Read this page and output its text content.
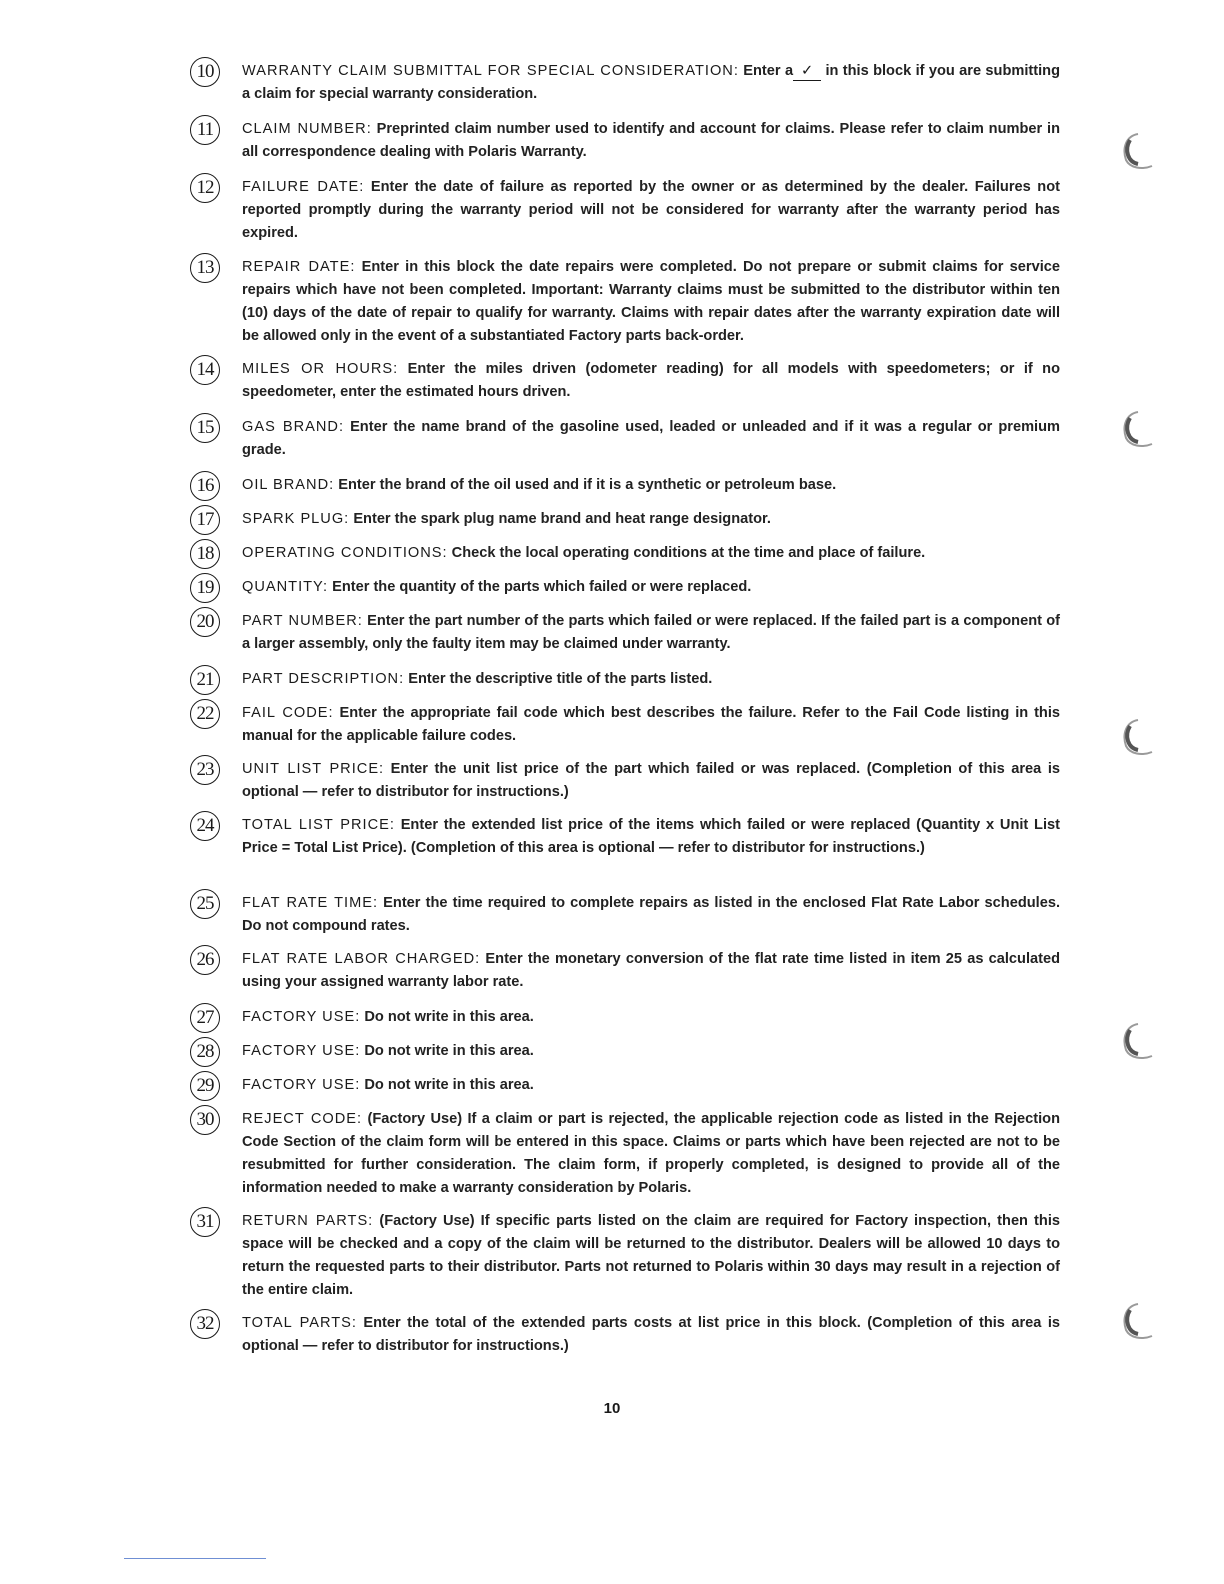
10	WARRANTY CLAIM SUBMITTAL FOR SPECIAL CONSIDERATION: Enter a ✓ in this block if you are submitting a claim for special warranty consideration.
11	CLAIM NUMBER: Preprinted claim number used to identify and account for claims. Please refer to claim number in all correspondence dealing with Polaris Warranty.
12	FAILURE DATE: Enter the date of failure as reported by the owner or as determined by the dealer. Failures not reported promptly during the warranty period will not be considered for warranty after the warranty period has expired.
13	REPAIR DATE: Enter in this block the date repairs were completed. Do not prepare or submit claims for service repairs which have not been completed. Important: Warranty claims must be submitted to the distributor within ten (10) days of the date of repair to qualify for warranty. Claims with repair dates after the warranty expiration date will be allowed only in the event of a substantiated Factory parts back-order.
14	MILES OR HOURS: Enter the miles driven (odometer reading) for all models with speedometers; or if no speedometer, enter the estimated hours driven.
15	GAS BRAND: Enter the name brand of the gasoline used, leaded or unleaded and if it was a regular or premium grade.
16	OIL BRAND: Enter the brand of the oil used and if it is a synthetic or petroleum base.
17	SPARK PLUG: Enter the spark plug name brand and heat range designator.
18	OPERATING CONDITIONS: Check the local operating conditions at the time and place of failure.
19	QUANTITY: Enter the quantity of the parts which failed or were replaced.
20	PART NUMBER: Enter the part number of the parts which failed or were replaced. If the failed part is a component of a larger assembly, only the faulty item may be claimed under warranty.
21	PART DESCRIPTION: Enter the descriptive title of the parts listed.
22	FAIL CODE: Enter the appropriate fail code which best describes the failure. Refer to the Fail Code listing in this manual for the applicable failure codes.
23	UNIT LIST PRICE: Enter the unit list price of the part which failed or was replaced. (Completion of this area is optional — refer to distributor for instructions.)
24	TOTAL LIST PRICE: Enter the extended list price of the items which failed or were replaced (Quantity x Unit List Price = Total List Price). (Completion of this area is optional — refer to distributor for instructions.)
25	FLAT RATE TIME: Enter the time required to complete repairs as listed in the enclosed Flat Rate Labor schedules. Do not compound rates.
26	FLAT RATE LABOR CHARGED: Enter the monetary conversion of the flat rate time listed in item 25 as calculated using your assigned warranty labor rate.
27	FACTORY USE: Do not write in this area.
28	FACTORY USE: Do not write in this area.
29	FACTORY USE: Do not write in this area.
30	REJECT CODE: (Factory Use) If a claim or part is rejected, the applicable rejection code as listed in the Rejection Code Section of the claim form will be entered in this space. Claims or parts which have been rejected are not to be resubmitted for further consideration. The claim form, if properly completed, is designed to provide all of the information needed to make a warranty consideration by Polaris.
31	RETURN PARTS: (Factory Use) If specific parts listed on the claim are required for Factory inspection, then this space will be checked and a copy of the claim will be returned to the distributor. Dealers will be allowed 10 days to return the requested parts to their distributor. Parts not returned to Polaris within 30 days may result in a rejection of the entire claim.
32	TOTAL PARTS: Enter the total of the extended parts costs at list price in this block. (Completion of this area is optional — refer to distributor for instructions.)
10
